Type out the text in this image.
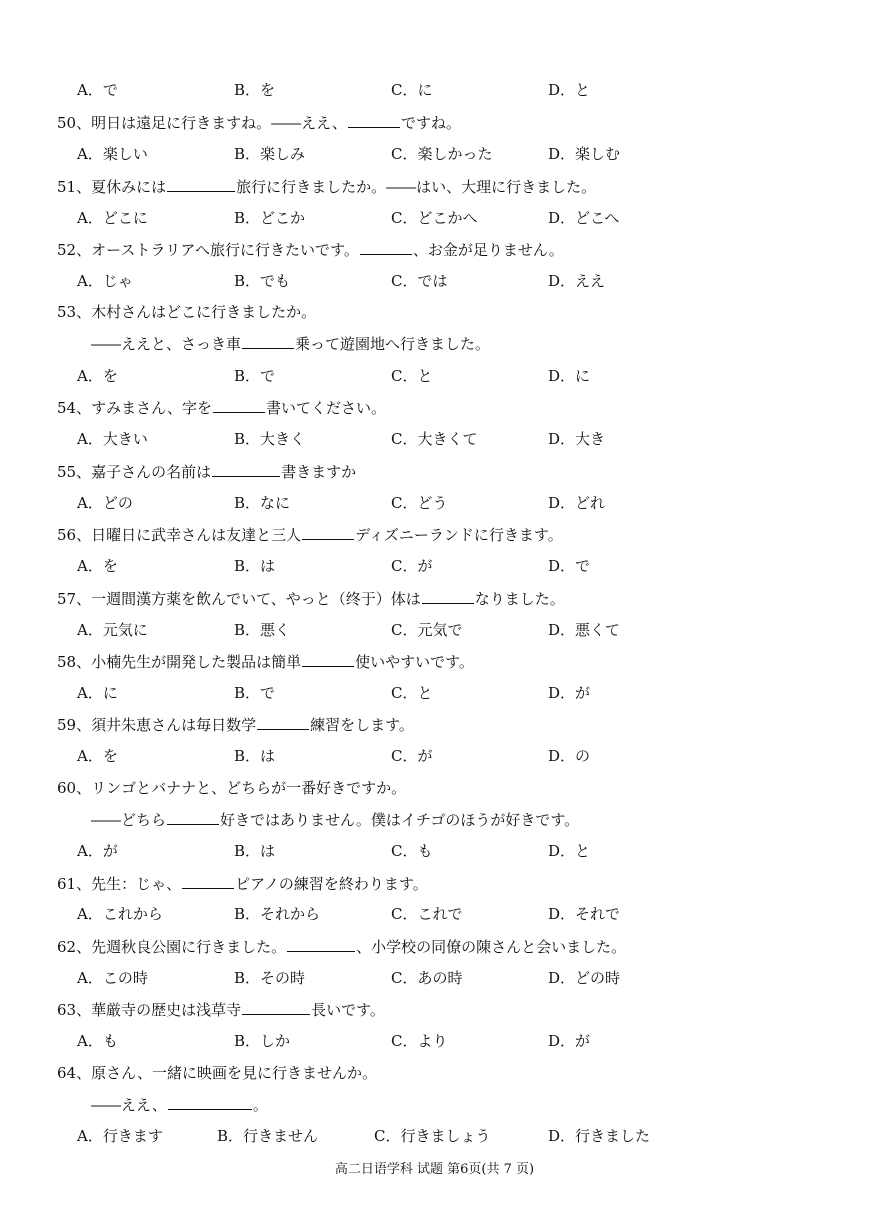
A．で	B．を	C．に	D．と
50、明日は遠足に行きますね。――ええ、	ですね。
A．楽しい	B．楽しみ	C．楽しかった	D．楽しむ
51、夏休みには	旅行に行きましたか。――はい、大理に行きました。
A．どこに	B．どこか	C．どこかへ	D．どこへ
52、オーストラリアへ旅行に行きたいです。	、お金が足りません。
A．じゃ	B．でも	C．では	D．ええ
53、木村さんはどこに行きましたか。
――ええと、さっき車	乗って遊園地へ行きました。
A．を	B．で	C．と	D．に
54、すみまさん、字を	書いてください。
A．大きい	B．大きく	C．大きくて	D．大き
55、嘉子さんの名前は	書きますか
A．どの	B．なに	C．どう	D．どれ
56、日曜日に武幸さんは友達と三人	ディズニーランドに行きます。
A．を	B．は	C．が	D．で
57、一週間漢方薬を飲んでいて、やっと（终于）体は	なりました。
A．元気に	B．悪く	C．元気で	D．悪くて
58、小楠先生が開発した製品は簡単	使いやすいです。
A．に	B．で	C．と	D．が
59、須井朱恵さんは毎日数学	練習をします。
A．を	B．は	C．が	D．の
60、リンゴとバナナと、どちらが一番好きですか。
――どちら	好きではありません。僕はイチゴのほうが好きです。
A．が	B．は	C．も	D．と
61、先生：じゃ、	ピアノの練習を終わります。
A．これから	B．それから	C．これで	D．それで
62、先週秋良公園に行きました。	、小学校の同僚の陳さんと会いました。
A．この時	B．その時	C．あの時	D．どの時
63、華厳寺の歴史は浅草寺	長いです。
A．も	B．しか	C．より	D．が
64、原さん、一緒に映画を見に行きませんか。
――ええ、	。
A．行きます	B．行きません	C．行きましょう	D．行きました
高二日语学科 试题 第6页(共 7 页)
